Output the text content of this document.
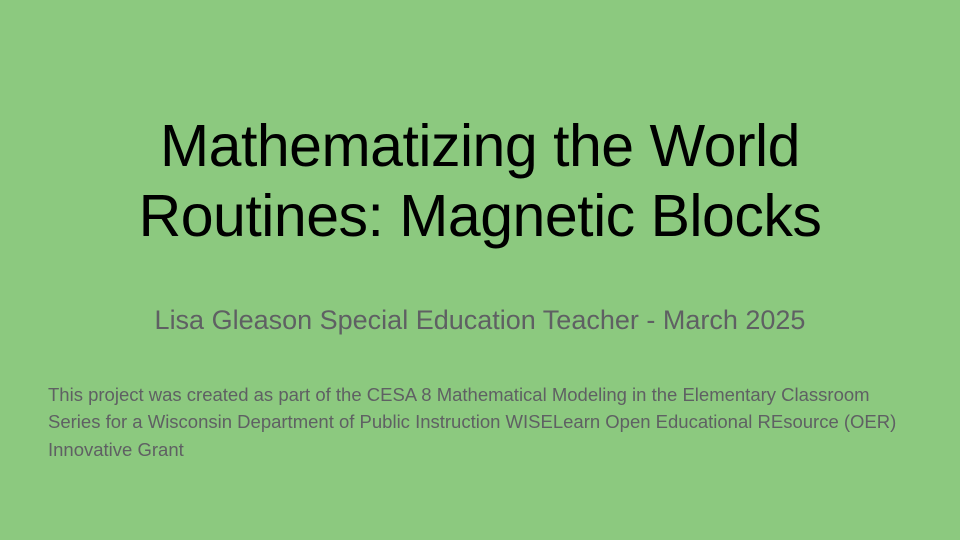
Mathematizing the World Routines: Magnetic Blocks

Lisa Gleason Special Education Teacher - March 2025

This project was created as part of the CESA 8 Mathematical Modeling in the Elementary Classroom Series for a Wisconsin Department of Public Instruction WISELearn Open Educational REsource (OER) Innovative Grant
